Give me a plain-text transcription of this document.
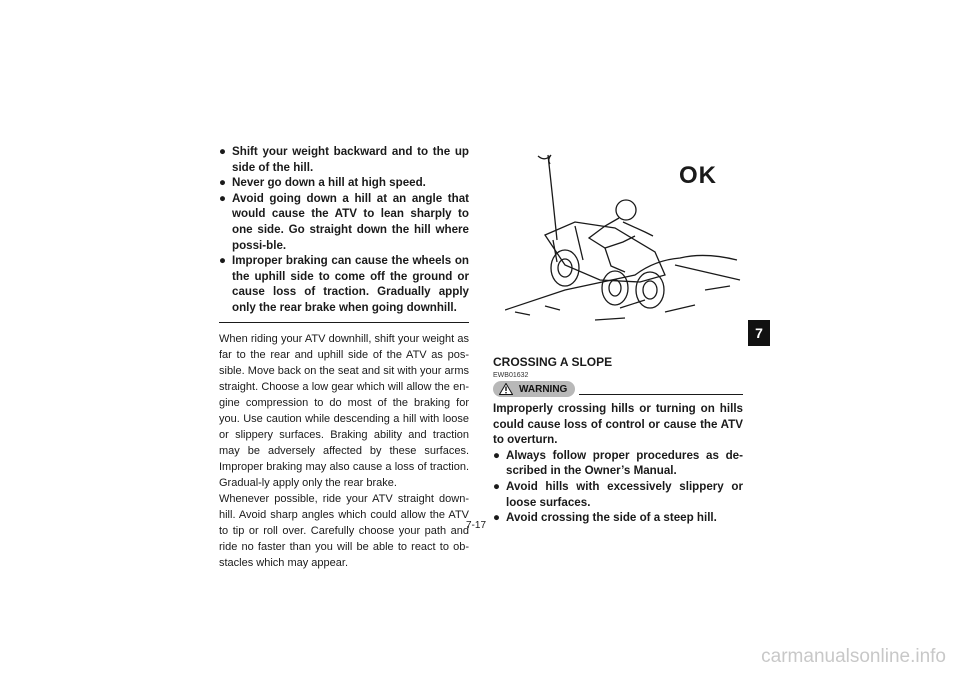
● Shift your weight backward and to the up side of the hill.
● Never go down a hill at high speed.
● Avoid going down a hill at an angle that would cause the ATV to lean sharply to one side. Go straight down the hill where possi-ble.
● Improper braking can cause the wheels on the uphill side to come off the ground or cause loss of traction. Gradually apply only the rear brake when going downhill.

When riding your ATV downhill, shift your weight as far to the rear and uphill side of the ATV as pos-sible. Move back on the seat and sit with your arms straight. Choose a low gear which will allow the en-gine compression to do most of the braking for you. Use caution while descending a hill with loose or slippery surfaces. Braking ability and traction may be adversely affected by these surfaces. Improper braking may also cause a loss of traction. Gradual-ly apply only the rear brake.

Whenever possible, ride your ATV straight down-hill. Avoid sharp angles which could allow the ATV to tip or roll over. Carefully choose your path and ride no faster than you will be able to react to ob-stacles which may appear.

OK

CROSSING A SLOPE

EWB01632
WARNING

Improperly crossing hills or turning on hills could cause loss of control or cause the ATV to overturn.

● Always follow proper procedures as de-scribed in the Owner’s Manual.
● Avoid hills with excessively slippery or loose surfaces.
● Avoid crossing the side of a steep hill.
7
7-17
carmanualsonline.info
